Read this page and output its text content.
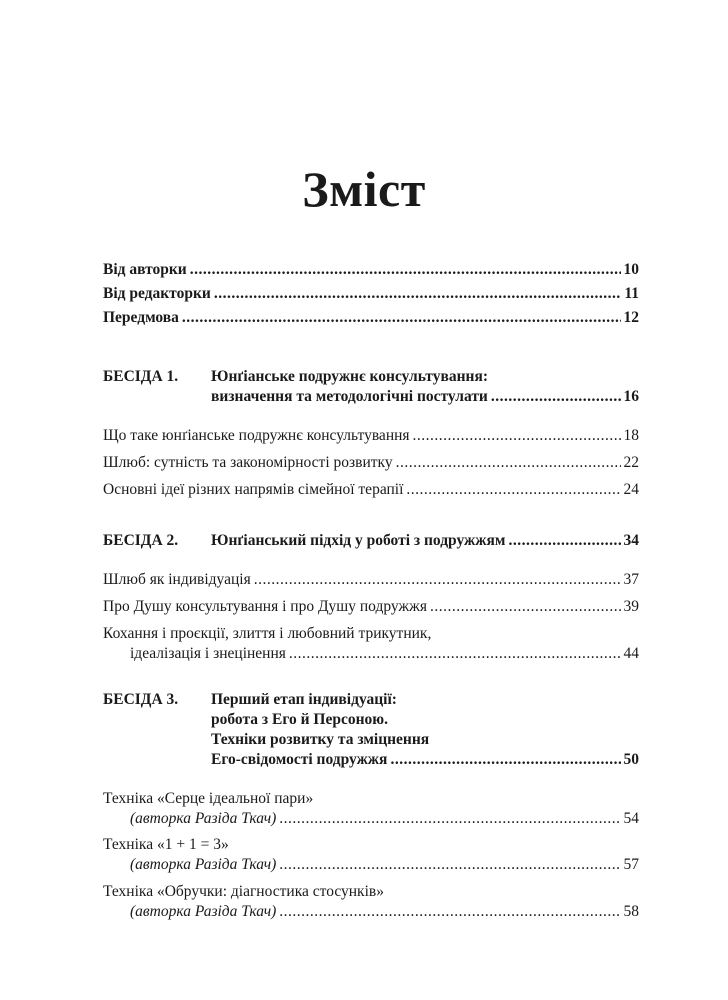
Зміст
Від авторки .....	10
Від редакторки .....	11
Передмова .....	12
БЕСІДА 1.	Юнґіанське подружнє консультування:
визначення та методологічні постулати .....	16
Що таке юнґіанське подружнє консультування .....	18
Шлюб: сутність та закономірності розвитку .....	22
Основні ідеї різних напрямів сімейної терапії .....	24
БЕСІДА 2.	Юнґіанський підхід у роботі з подружжям .....	34
Шлюб як індивідуація .....	37
Про Душу консультування і про Душу подружжя .....	39
Кохання і проєкції, злиття і любовний трикутник,
ідеалізація і знецінення .....	44
БЕСІДА 3.	Перший етап індивідуації:
робота з Его й Персоною.
Техніки розвитку та зміцнення
Его-свідомості подружжя .....	50
Техніка «Серце ідеальної пари»
(авторка Разіда Ткач) .....	54
Техніка «1 + 1 = 3»
(авторка Разіда Ткач) .....	57
Техніка «Обручки: діагностика стосунків»
(авторка Разіда Ткач) .....	58
